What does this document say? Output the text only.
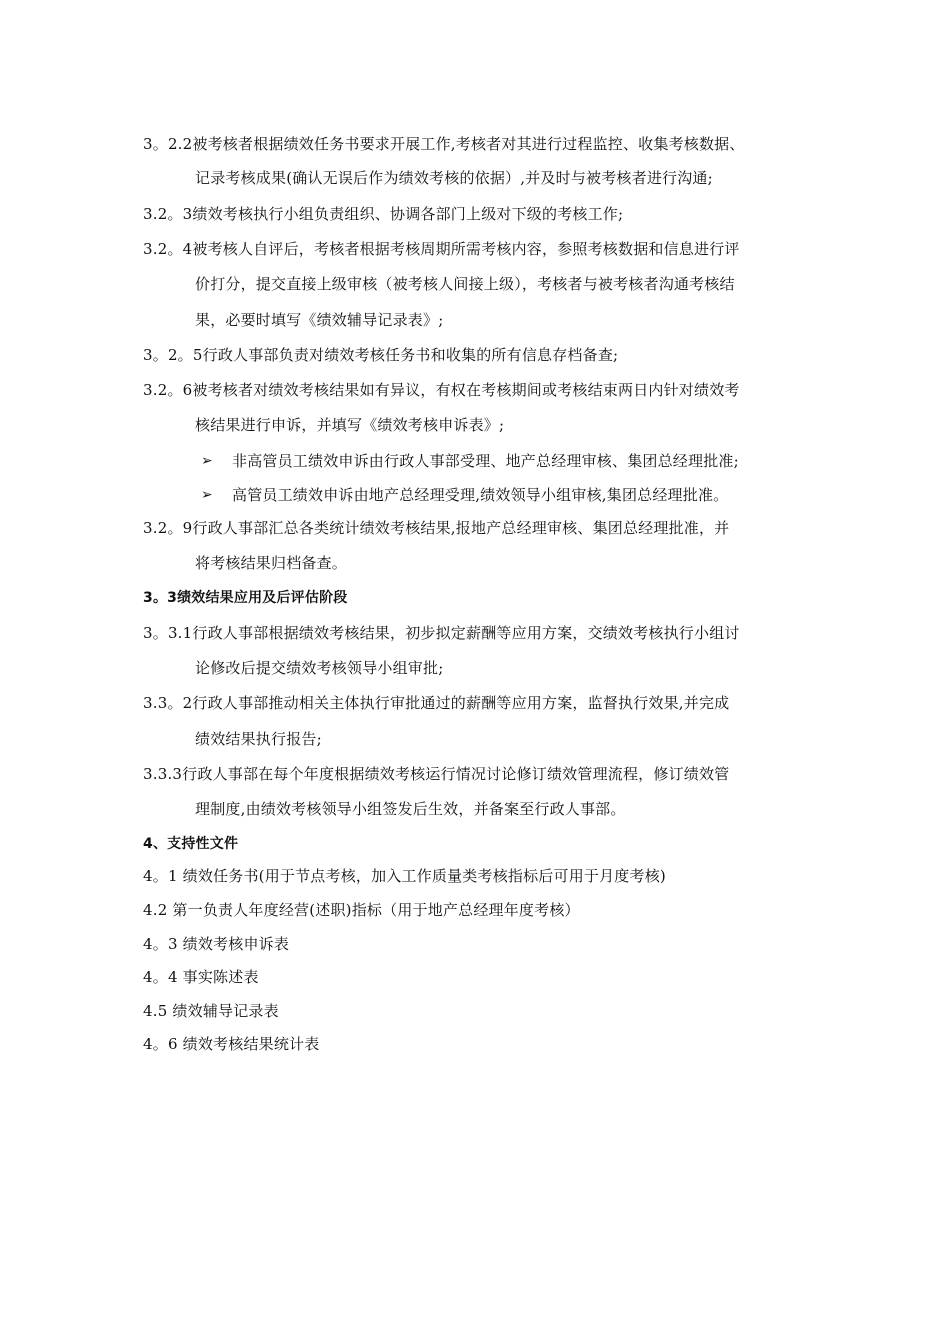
3。2.2被考核者根据绩效任务书要求开展工作,考核者对其进行过程监控、收集考核数据、
记录考核成果(确认无误后作为绩效考核的依据）,并及时与被考核者进行沟通;
3.2。3绩效考核执行小组负责组织、协调各部门上级对下级的考核工作;
3.2。4被考核人自评后，考核者根据考核周期所需考核内容，参照考核数据和信息进行评
价打分，提交直接上级审核（被考核人间接上级），考核者与被考核者沟通考核结
果，必要时填写《绩效辅导记录表》;
3。2。5行政人事部负责对绩效考核任务书和收集的所有信息存档备查;
3.2。6被考核者对绩效考核结果如有异议，有权在考核期间或考核结束两日内针对绩效考
核结果进行申诉，并填写《绩效考核申诉表》;
➢ 非高管员工绩效申诉由行政人事部受理、地产总经理审核、集团总经理批准;
➢ 高管员工绩效申诉由地产总经理受理,绩效领导小组审核,集团总经理批准。
3.2。9行政人事部汇总各类统计绩效考核结果,报地产总经理审核、集团总经理批准，并
将考核结果归档备查。
3。3绩效结果应用及后评估阶段
3。3.1行政人事部根据绩效考核结果，初步拟定薪酬等应用方案，交绩效考核执行小组讨
论修改后提交绩效考核领导小组审批;
3.3。2行政人事部推动相关主体执行审批通过的薪酬等应用方案，监督执行效果,并完成
绩效结果执行报告;
3.3.3行政人事部在每个年度根据绩效考核运行情况讨论修订绩效管理流程，修订绩效管
理制度,由绩效考核领导小组签发后生效，并备案至行政人事部。
4、支持性文件
4。1 绩效任务书(用于节点考核，加入工作质量类考核指标后可用于月度考核)
4.2 第一负责人年度经营(述职)指标（用于地产总经理年度考核）
4。3 绩效考核申诉表
4。4 事实陈述表
4.5 绩效辅导记录表
4。6 绩效考核结果统计表
